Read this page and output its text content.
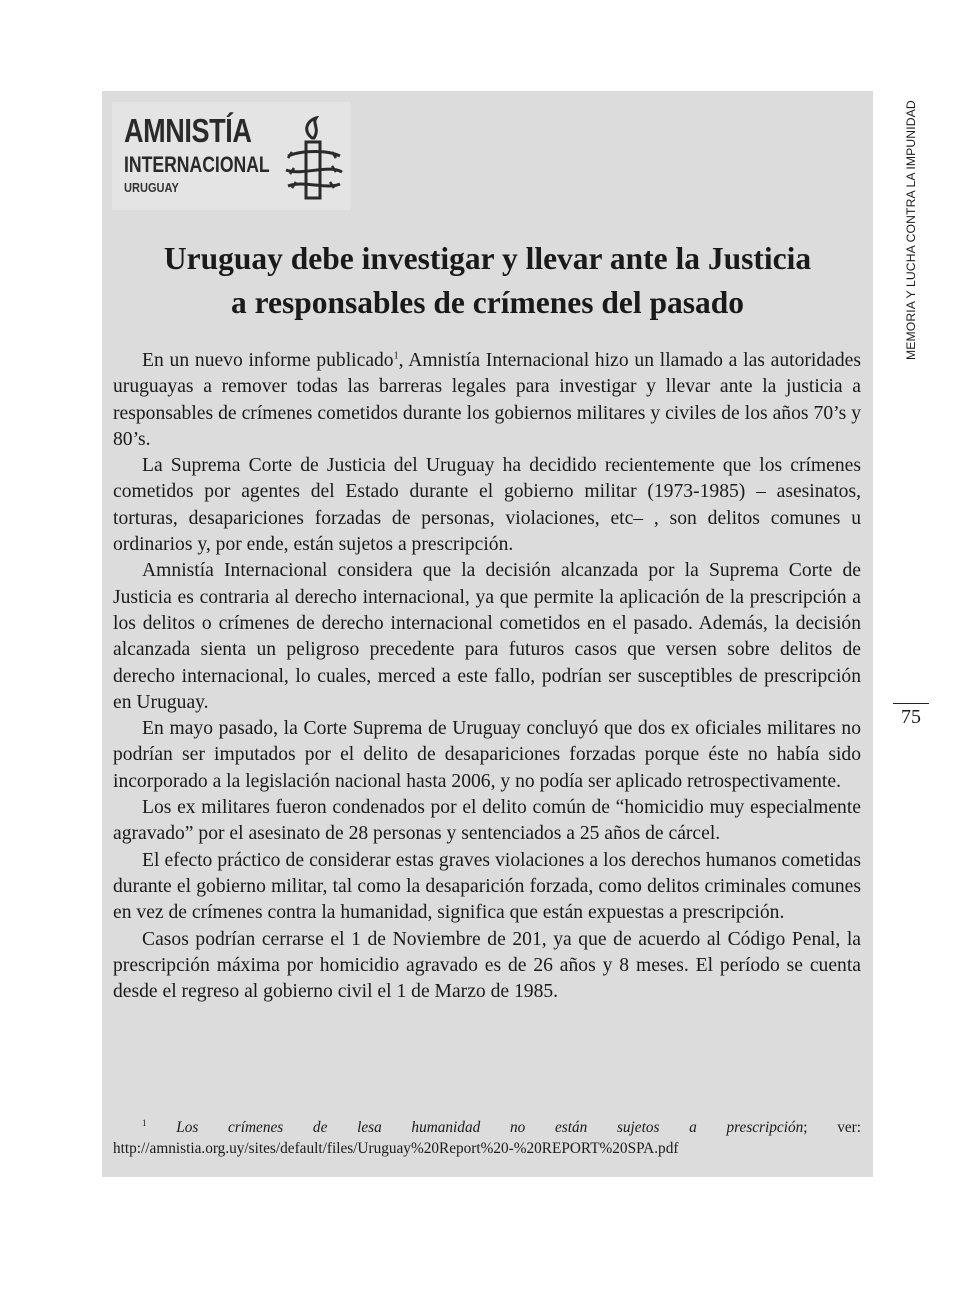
AMNISTÍA
INTERNACIONAL
URUGUAY
Uruguay debe investigar y llevar ante la Justicia
a responsables de crímenes del pasado

En un nuevo informe publicado$^1$, Amnistía Internacional hizo un llamado a las autoridades uruguayas a remover todas las barreras legales para investigar y llevar ante la justicia a responsables de crímenes cometidos durante los gobiernos militares y civiles de los años 70’s y 80’s.

La Suprema Corte de Justicia del Uruguay ha decidido recientemente que los crímenes cometidos por agentes del Estado durante el gobierno militar (1973-1985) – asesinatos, torturas, desapariciones forzadas de personas, violaciones, etc– , son delitos comunes u ordinarios y, por ende, están sujetos a prescripción.

Amnistía Internacional considera que la decisión alcanzada por la Suprema Corte de Justicia es contraria al derecho internacional, ya que permite la aplicación de la prescripción a los delitos o crímenes de derecho internacional cometidos en el pasado. Además, la decisión alcanzada sienta un peligroso precedente para futuros casos que versen sobre delitos de derecho internacional, lo cuales, merced a este fallo, podrían ser susceptibles de prescripción en Uruguay.

En mayo pasado, la Corte Suprema de Uruguay concluyó que dos ex oficiales militares no podrían ser imputados por el delito de desapariciones forzadas porque éste no había sido incorporado a la legislación nacional hasta 2006, y no podía ser aplicado retrospectivamente.

Los ex militares fueron condenados por el delito común de “homicidio muy especialmente agravado” por el asesinato de 28 personas y sentenciados a 25 años de cárcel.

El efecto práctico de considerar estas graves violaciones a los derechos humanos cometidas durante el gobierno militar, tal como la desaparición forzada, como delitos criminales comunes en vez de crímenes contra la humanidad, significa que están expuestas a prescripción.

Casos podrían cerrarse el 1 de Noviembre de 201, ya que de acuerdo al Código Penal, la prescripción máxima por homicidio agravado es de 26 años y 8 meses. El período se cuenta desde el regreso al gobierno civil el 1 de Marzo de 1985.

$^1$ Los crímenes de lesa humanidad no están sujetos a prescripción; ver: http://amnistia.org.uy/sites/default/files/Uruguay%20Report%20-%20REPORT%20SPA.pdf
MEMORIA Y LUCHA CONTRA LA IMPUNIDAD
75
